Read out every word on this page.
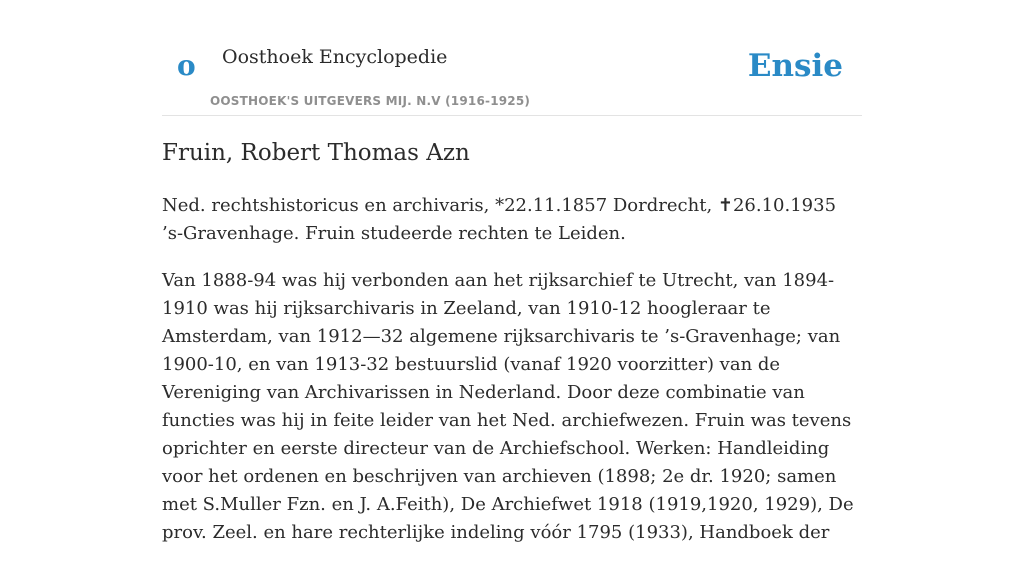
o Oosthoek Encyclopedie
OOSTHOEK'S UITGEVERS MIJ. N.V (1916-1925)
Ensie
Fruin, Robert Thomas Azn

Ned. rechtshistoricus en archivaris, *22.11.1857 Dordrecht, ✝26.10.1935 ’s-Gravenhage. Fruin studeerde rechten te Leiden.

Van 1888-94 was hij verbonden aan het rijksarchief te Utrecht, van 1894-1910 was hij rijksarchivaris in Zeeland, van 1910-12 hoogleraar te Amsterdam, van 1912—32 algemene rijksarchivaris te ’s-Gravenhage; van 1900-10, en van 1913-32 bestuurslid (vanaf 1920 voorzitter) van de Vereniging van Archivarissen in Nederland. Door deze combinatie van functies was hij in feite leider van het Ned. archiefwezen. Fruin was tevens oprichter en eerste directeur van de Archiefschool. Werken: Handleiding voor het ordenen en beschrijven van archieven (1898; 2e dr. 1920; samen met S.Muller Fzn. en J. A.Feith), De Archiefwet 1918 (1919,1920, 1929), De prov. Zeel. en hare rechterlijke indeling vóór 1795 (1933), Handboek der
